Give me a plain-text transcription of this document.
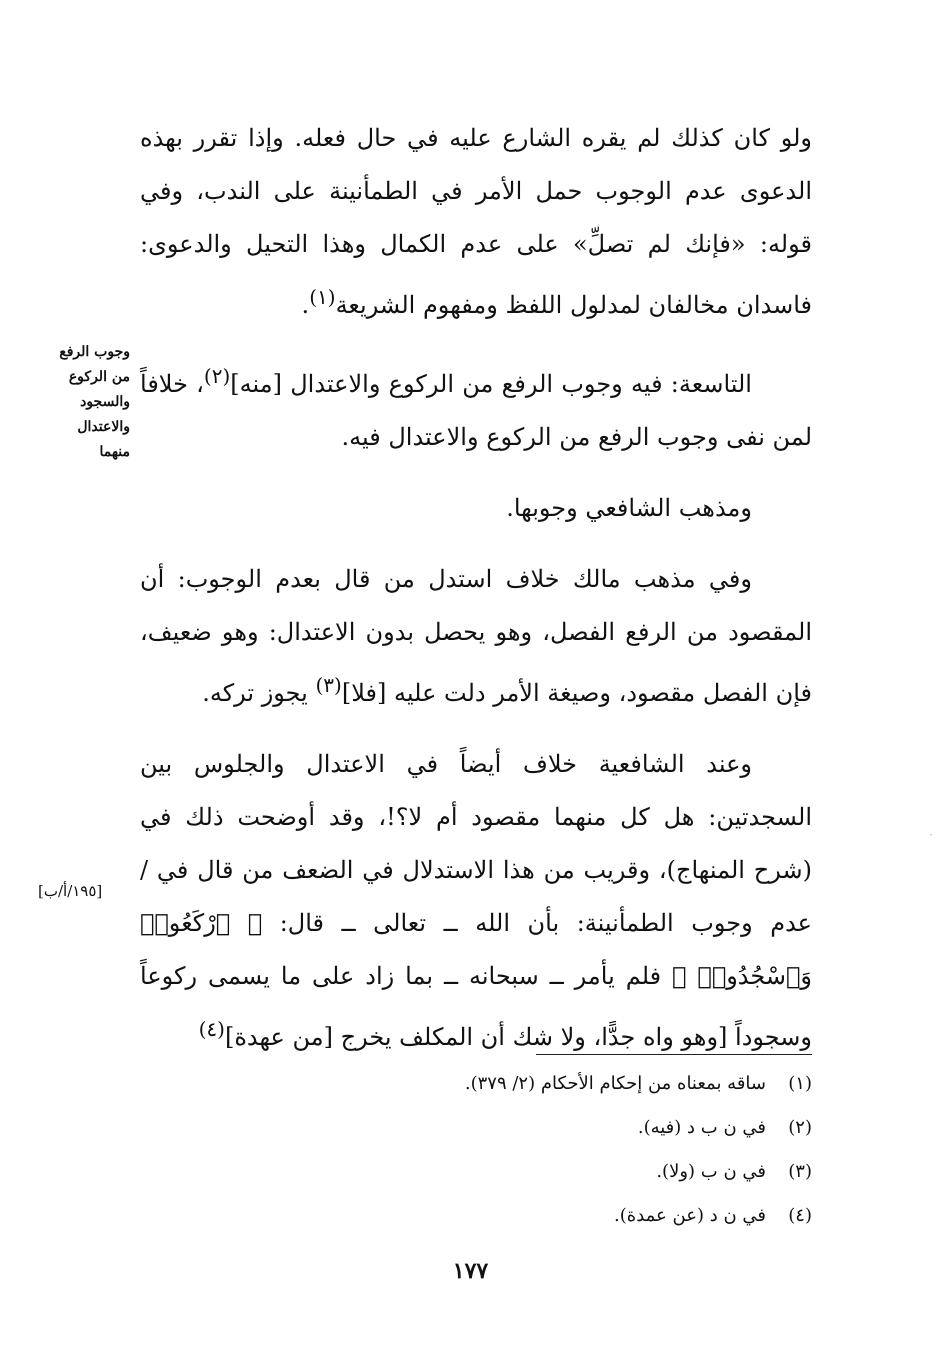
ولو كان كذلك لم يقره الشارع عليه في حال فعله. وإذا تقرر بهذه الدعوى عدم الوجوب حمل الأمر في الطمأنينة على الندب، وفي قوله: «فإنك لم تصلِّ» على عدم الكمال وهذا التحيل والدعوى: فاسدان مخالفان لمدلول اللفظ ومفهوم الشريعة$^{(١)}$.

التاسعة: فيه وجوب الرفع من الركوع والاعتدال [منه]$^{(٢)}$، خلافاً لمن نفى وجوب الرفع من الركوع والاعتدال فيه.

ومذهب الشافعي وجوبها.

وفي مذهب مالك خلاف استدل من قال بعدم الوجوب: أن المقصود من الرفع الفصل، وهو يحصل بدون الاعتدال: وهو ضعيف، فإن الفصل مقصود، وصيغة الأمر دلت عليه [فلا]$^{(٣)}$ يجوز تركه.

وعند الشافعية خلاف أيضاً في الاعتدال والجلوس بين السجدتين: هل كل منهما مقصود أم لا؟!، وقد أوضحت ذلك في (شرح المنهاج)، وقريب من هذا الاستدلال في الضعف من قال في / عدم وجوب الطمأنينة: بأن الله ــ تعالى ــ قال: ﴿ ٱرْكَعُوا۟ وَٱسْجُدُوا۟ ﴾ فلم يأمر ــ سبحانه ــ بما زاد على ما يسمى ركوعاً وسجوداً [وهو واه جدًّا، ولا شك أن المكلف يخرج [من عهدة]$^{(٤)}$

وجوب الرفع
من الركوع
والسجود
والاعتدال
منهما
[١٩٥/أ/ب]
·
(١)ساقه بمعناه من إحكام الأحكام (٢/ ٣٧٩).
(٢)في ن ب د (فيه).
(٣)في ن ب (ولا).
(٤)في ن د (عن عمدة).
١٧٧
